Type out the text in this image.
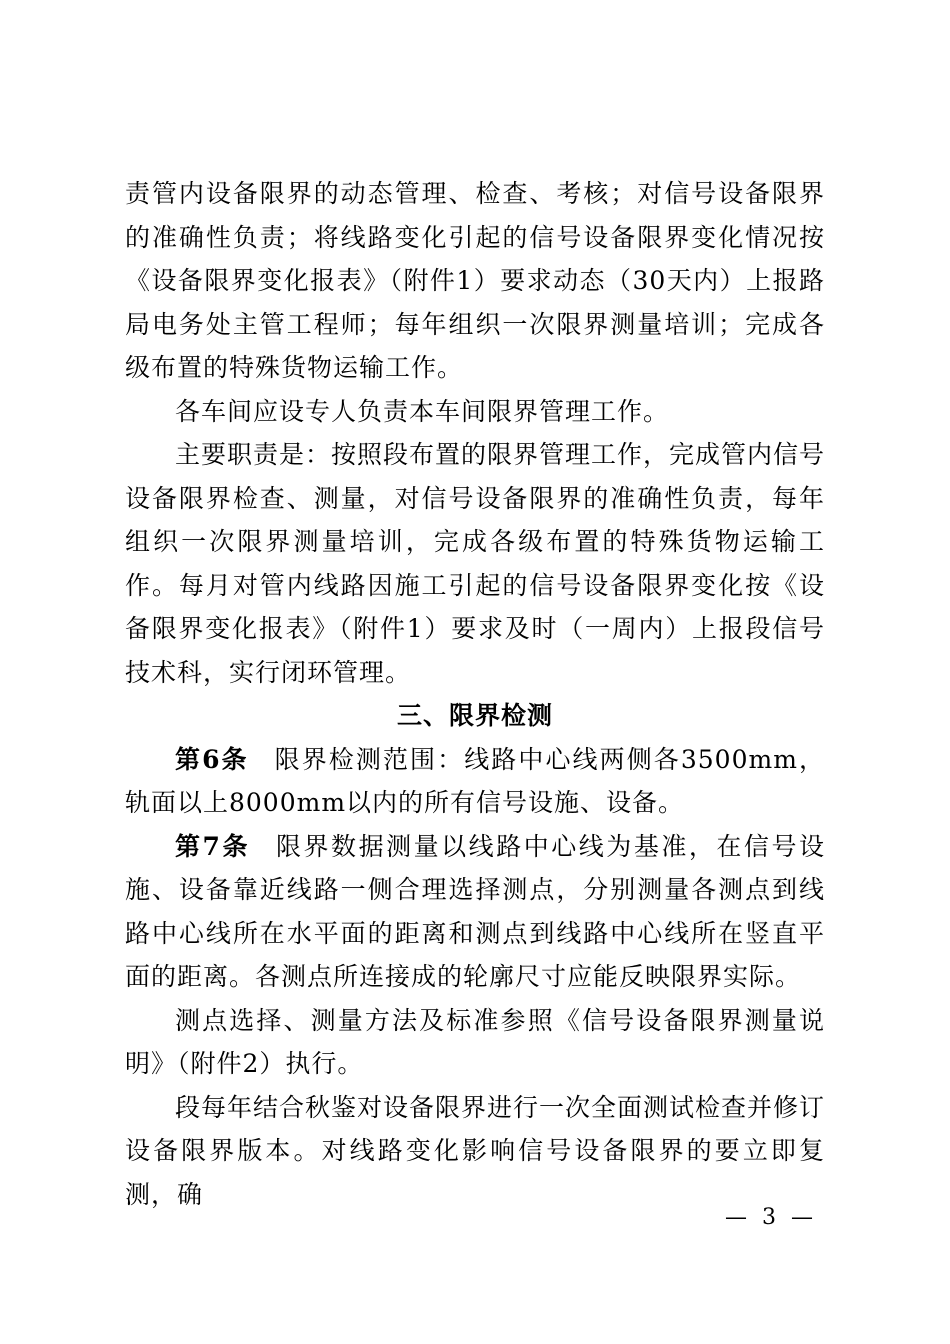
责管内设备限界的动态管理、检查、考核；对信号设备限界的准确性负责；将线路变化引起的信号设备限界变化情况按《设备限界变化报表》（附件1）要求动态（30天内）上报路局电务处主管工程师；每年组织一次限界测量培训；完成各级布置的特殊货物运输工作。

各车间应设专人负责本车间限界管理工作。

主要职责是：按照段布置的限界管理工作，完成管内信号设备限界检查、测量，对信号设备限界的准确性负责，每年组织一次限界测量培训，完成各级布置的特殊货物运输工作。每月对管内线路因施工引起的信号设备限界变化按《设备限界变化报表》（附件1）要求及时（一周内）上报段信号技术科，实行闭环管理。

三、限界检测

第6条 限界检测范围：线路中心线两侧各3500mm，轨面以上8000mm以内的所有信号设施、设备。

第7条 限界数据测量以线路中心线为基准，在信号设施、设备靠近线路一侧合理选择测点，分别测量各测点到线路中心线所在水平面的距离和测点到线路中心线所在竖直平面的距离。各测点所连接成的轮廓尺寸应能反映限界实际。

测点选择、测量方法及标准参照《信号设备限界测量说明》（附件2）执行。

段每年结合秋鉴对设备限界进行一次全面测试检查并修订设备限界版本。对线路变化影响信号设备限界的要立即复测，确

— 3 —
